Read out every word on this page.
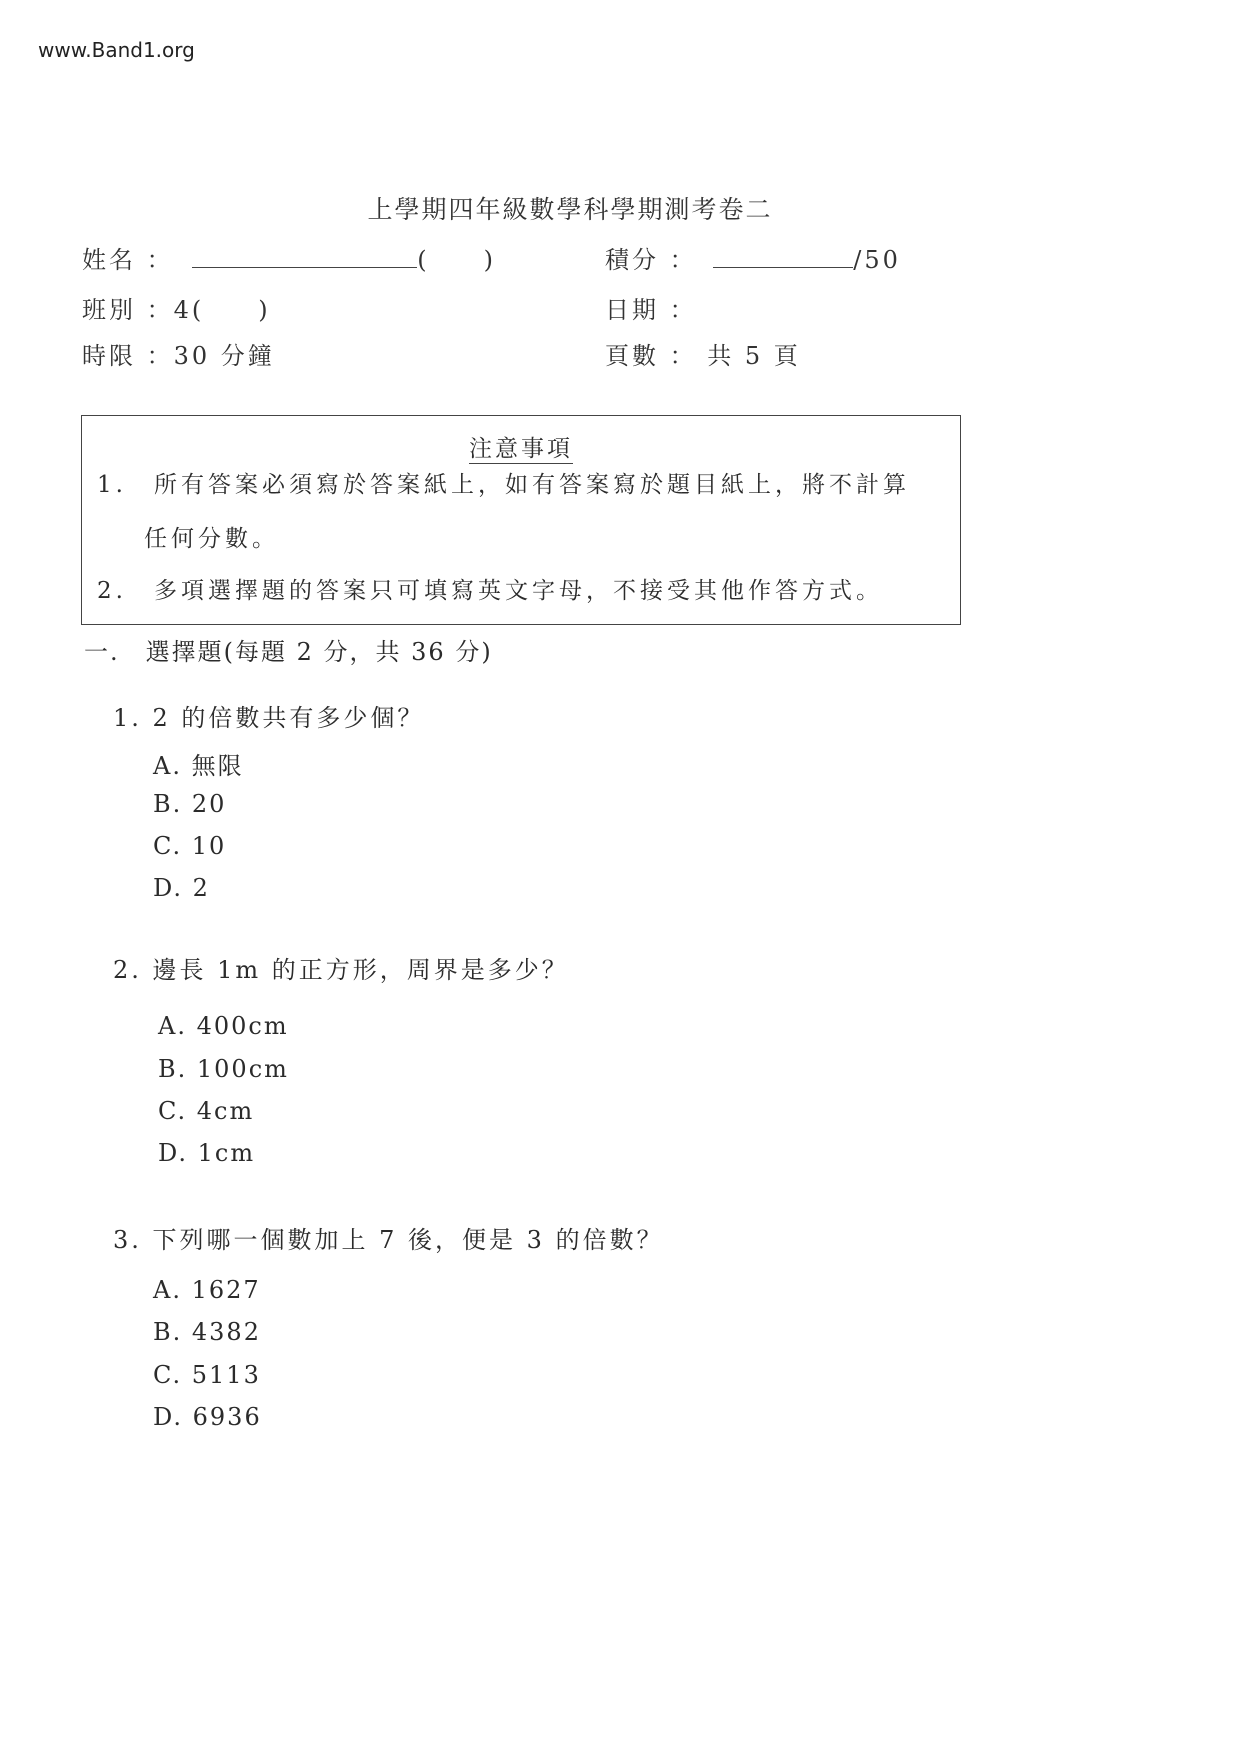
www.Band1.org
上學期四年級數學科學期測考卷二
姓名 ：	(　　)	積分 ：	/50
班別 ：4(　　)	日期 ：
時限 ：30 分鐘	頁數 ： 共 5 頁
注意事項
1.　所有答案必須寫於答案紙上，如有答案寫於題目紙上，將不計算
任何分數。
2.　多項選擇題的答案只可填寫英文字母，不接受其他作答方式。
一.　選擇題(每題 2 分，共 36 分)
1. 2 的倍數共有多少個？
A. 無限
B. 20
C. 10
D. 2
2. 邊長 1m 的正方形，周界是多少？
A. 400cm
B. 100cm
C. 4cm
D. 1cm
3. 下列哪一個數加上 7 後，便是 3 的倍數？
A. 1627
B. 4382
C. 5113
D. 6936
